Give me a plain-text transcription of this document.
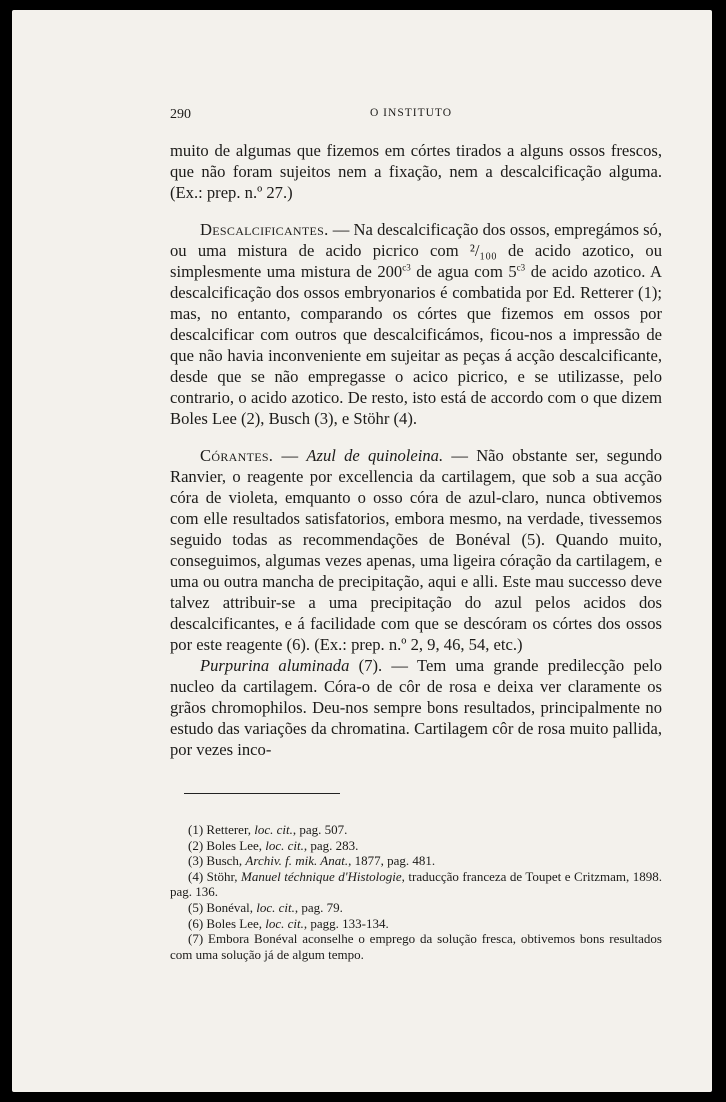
290	O INSTITUTO

muito de algumas que fizemos em córtes tirados a alguns ossos frescos, que não foram sujeitos nem a fixação, nem a descalcificação alguma. (Ex.: prep. n.º 27.)

Descalcificantes. — Na descalcificação dos ossos, empregámos só, ou uma mistura de acido picrico com ²/₁₀₀ de acido azotico, ou simplesmente uma mistura de $200^{c3}$ de agua com $5^{c3}$ de acido azotico. A descalcificação dos ossos embryonarios é combatida por Ed. Retterer (1); mas, no entanto, comparando os córtes que fizemos em ossos por descalcificar com outros que descalcificámos, ficou-nos a impressão de que não havia inconveniente em sujeitar as peças á acção descalcificante, desde que se não empregasse o acico picrico, e se utilizasse, pelo contrario, o acido azotico. De resto, isto está de accordo com o que dizem Boles Lee (2), Busch (3), e Stöhr (4).

Córantes. — Azul de quinoleina. — Não obstante ser, segundo Ranvier, o reagente por excellencia da cartilagem, que sob a sua acção córa de violeta, emquanto o osso córa de azul-claro, nunca obtivemos com elle resultados satisfatorios, embora mesmo, na verdade, tivessemos seguido todas as recommendações de Bonéval (5). Quando muito, conseguimos, algumas vezes apenas, uma ligeira córação da cartilagem, e uma ou outra mancha de precipitação, aqui e alli. Este mau successo deve talvez attribuir-se a uma precipitação do azul pelos acidos dos descalcificantes, e á facilidade com que se descóram os córtes dos ossos por este reagente (6). (Ex.: prep. n.º 2, 9, 46, 54, etc.)

Purpurina aluminada (7). — Tem uma grande predilecção pelo nucleo da cartilagem. Córa-o de côr de rosa e deixa ver claramente os grãos chromophilos. Deu-nos sempre bons resultados, principalmente no estudo das variações da chromatina. Cartilagem côr de rosa muito pallida, por vezes inco-

(1) Retterer, loc. cit., pag. 507.

(2) Boles Lee, loc. cit., pag. 283.

(3) Busch, Archiv. f. mik. Anat., 1877, pag. 481.

(4) Stöhr, Manuel téchnique d'Histologie, traducção franceza de Toupet e Critzmam, 1898. pag. 136.

(5) Bonéval, loc. cit., pag. 79.

(6) Boles Lee, loc. cit., pagg. 133-134.

(7) Embora Bonéval aconselhe o emprego da solução fresca, obtivemos bons resultados com uma solução já de algum tempo.
